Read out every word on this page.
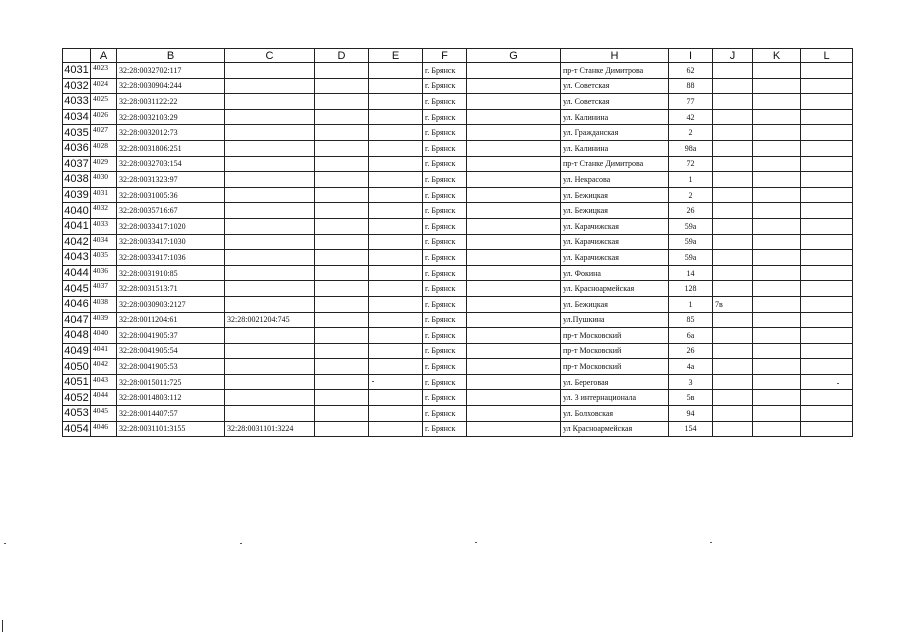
	A	B	C	D	E	F	G	H	I	J	K	L
4031	4023	32:28:0032702:117				г. Брянск		пр-т Станке Димитрова	62			
4032	4024	32:28:0030904:244				г. Брянск		ул. Советская	88			
4033	4025	32:28:0031122:22				г. Брянск		ул. Советская	77			
4034	4026	32:28:0032103:29				г. Брянск		ул. Калинина	42			
4035	4027	32:28:0032012:73				г. Брянск		ул. Гражданская	2			
4036	4028	32:28:0031806:251				г. Брянск		ул. Калинина	98а			
4037	4029	32:28:0032703:154				г. Брянск		пр-т Станке Димитрова	72			
4038	4030	32:28:0031323:97				г. Брянск		ул. Некрасова	1			
4039	4031	32:28:0031005:36				г. Брянск		ул. Бежицкая	2			
4040	4032	32:28:0035716:67				г. Брянск		ул. Бежицкая	26			
4041	4033	32:28:0033417:1020				г. Брянск		ул. Карачижская	59а			
4042	4034	32:28:0033417:1030				г. Брянск		ул. Карачижская	59а			
4043	4035	32:28:0033417:1036				г. Брянск		ул. Карачижская	59а			
4044	4036	32:28:0031910:85				г. Брянск		ул. Фокина	14			
4045	4037	32:28:0031513:71				г. Брянск		ул. Красноармейская	128			
4046	4038	32:28:0030903:2127				г. Брянск		ул. Бежицкая	1	7в		
4047	4039	32:28:0011204:61	32:28:0021204:745			г. Брянск		ул.Пушкина	85			
4048	4040	32:28:0041905:37				г. Брянск		пр-т Московский	6а			
4049	4041	32:28:0041905:54				г. Брянск		пр-т Московский	26			
4050	4042	32:28:0041905:53				г. Брянск		пр-т Московский	4а			
4051	4043	32:28:0015011:725				г. Брянск		ул. Береговая	3			
4052	4044	32:28:0014803:112				г. Брянск		ул. 3 интернационала	5в			
4053	4045	32:28:0014407:57				г. Брянск		ул. Болховская	94			
4054	4046	32:28:0031101:3155	32:28:0031101:3224			г. Брянск		ул Красноармейская	154			
